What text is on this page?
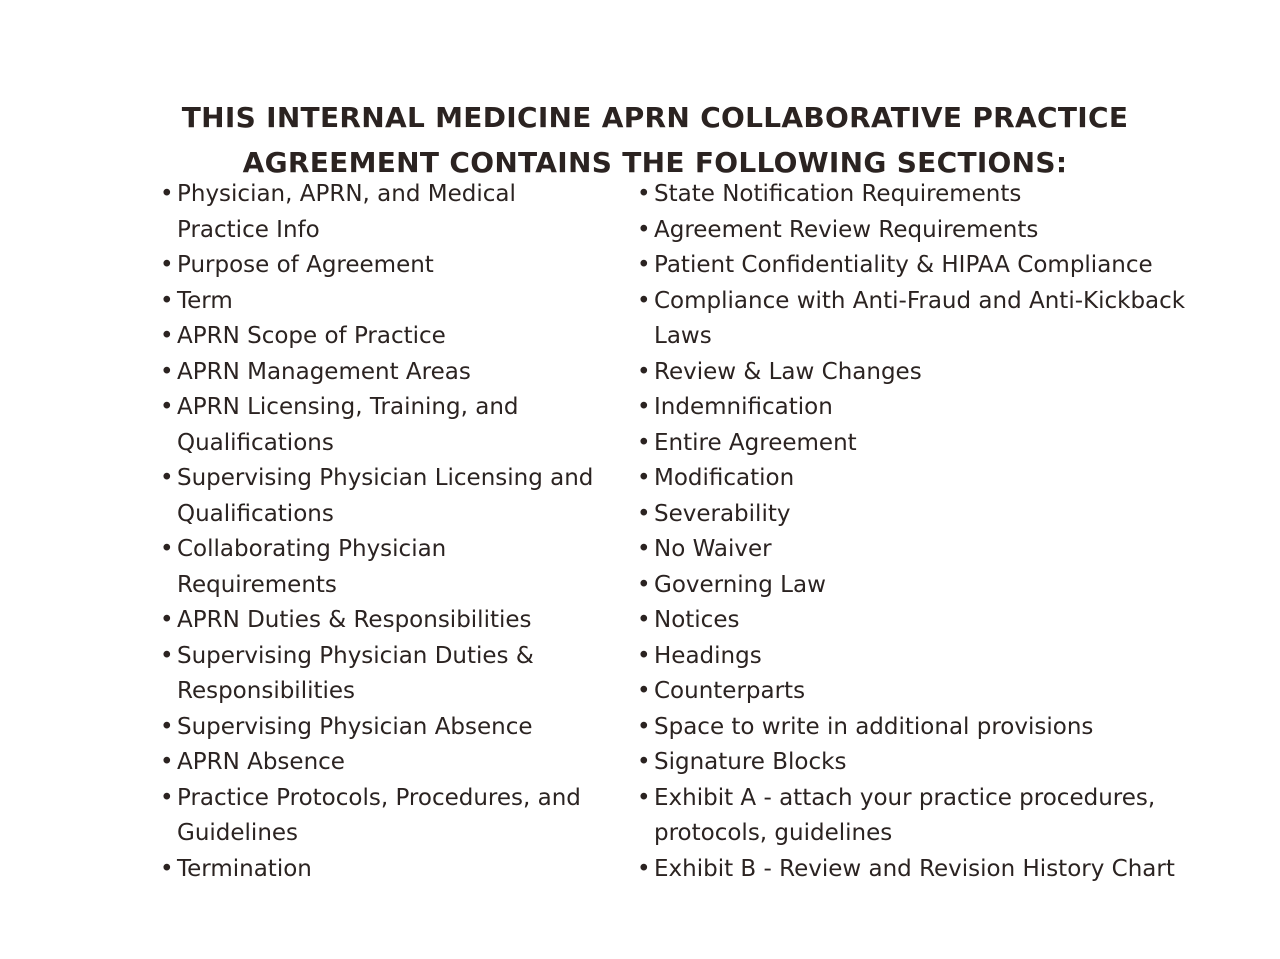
THIS INTERNAL MEDICINE APRN COLLABORATIVE PRACTICE
AGREEMENT CONTAINS THE FOLLOWING SECTIONS:
• Physician, APRN, and Medical Practice Info
• Purpose of Agreement
• Term
• APRN Scope of Practice
• APRN Management Areas
• APRN Licensing, Training, and Qualifications
• Supervising Physician Licensing and Qualifications
• Collaborating Physician Requirements
• APRN Duties & Responsibilities
• Supervising Physician Duties & Responsibilities
• Supervising Physician Absence
• APRN Absence
• Practice Protocols, Procedures, and Guidelines
• Termination
• State Notification Requirements
• Agreement Review Requirements
• Patient Confidentiality & HIPAA Compliance
• Compliance with Anti-Fraud and Anti-Kickback Laws
• Review & Law Changes
• Indemnification
• Entire Agreement
• Modification
• Severability
• No Waiver
• Governing Law
• Notices
• Headings
• Counterparts
• Space to write in additional provisions
• Signature Blocks
• Exhibit A - attach your practice procedures, protocols, guidelines
• Exhibit B - Review and Revision History Chart
